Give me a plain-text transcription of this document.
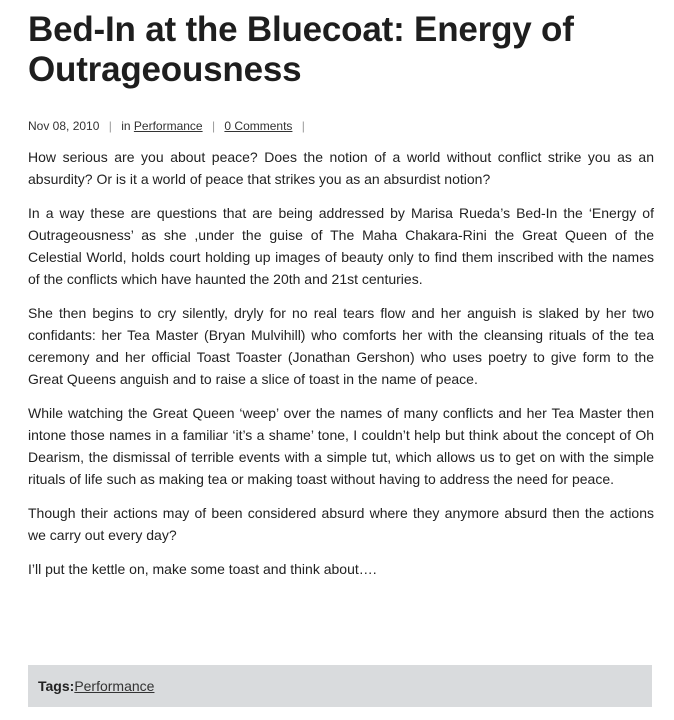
Bed-In at the Bluecoat: Energy of Outrageousness
Nov 08, 2010 | in Performance | 0 Comments |

How serious are you about peace? Does the notion of a world without conflict strike you as an absurdity? Or is it a world of peace that strikes you as an absurdist notion?

In a way these are questions that are being addressed by Marisa Rueda’s Bed-In the ‘Energy of Outrageousness’ as she ,under the guise of The Maha Chakara-Rini the Great Queen of the Celestial World, holds court holding up images of beauty only to find them inscribed with the names of the conflicts which have haunted the 20th and 21st centuries.

She then begins to cry silently, dryly for no real tears flow and her anguish is slaked by her two confidants: her Tea Master (Bryan Mulvihill) who comforts her with the cleansing rituals of the tea ceremony and her official Toast Toaster (Jonathan Gershon) who uses poetry to give form to the Great Queens anguish and to raise a slice of toast in the name of peace.

While watching the Great Queen ‘weep’ over the names of many conflicts and her Tea Master then intone those names in a familiar ‘it’s a shame’ tone, I couldn’t help but think about the concept of Oh Dearism, the dismissal of terrible events with a simple tut, which allows us to get on with the simple rituals of life such as making tea or making toast without having to address the need for peace.

Though their actions may of been considered absurd where they anymore absurd then the actions we carry out every day?

I’ll put the kettle on, make some toast and think about….

Tags:Performance
